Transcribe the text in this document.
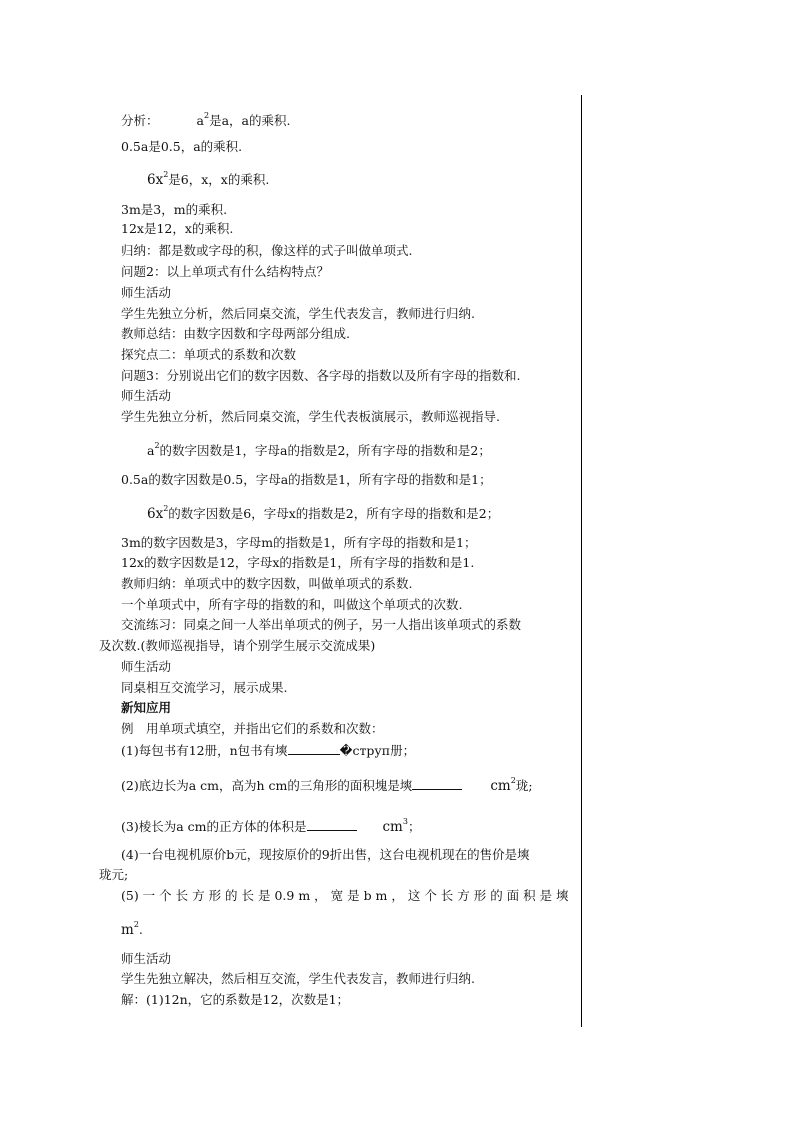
分析：	$a^2$是a，a的乘积.
0.5a是0.5，a的乘积.
$6x^2$是6，x，x的乘积.
3m是3，m的乘积.
12x是12，x的乘积.
归纳：都是数或字母的积，像这样的式子叫做单项式.
问题2：以上单项式有什么结构特点？
师生活动
学生先独立分析，然后同桌交流，学生代表发言，教师进行归纳.
教师总结：由数字因数和字母两部分组成.
探究点二：单项式的系数和次数
问题3：分别说出它们的数字因数、各字母的指数以及所有字母的指数和.
师生活动
学生先独立分析，然后同桌交流，学生代表板演展示，教师巡视指导.
$a^2$的数字因数是1，字母a的指数是2，所有字母的指数和是2；
0.5a的数字因数是0.5，字母a的指数是1，所有字母的指数和是1；
$6x^2$的数字因数是6，字母x的指数是2，所有字母的指数和是2；
3m的数字因数是3，字母m的指数是1，所有字母的指数和是1；
12x的数字因数是12，字母x的指数是1，所有字母的指数和是1.
教师归纳：单项式中的数字因数，叫做单项式的系数.
一个单项式中，所有字母的指数的和，叫做这个单项式的次数.
交流练习：同桌之间一人举出单项式的例子，另一人指出该单项式的系数
及次数.(教师巡视指导，请个别学生展示交流成果)
师生活动
同桌相互交流学习，展示成果.
新知应用
例　用单项式填空，并指出它们的系数和次数：
(1)每包书有12册，n包书有塽	�струп册；
(2)底边长为a cm，高为h cm的三角形的面积塊是塽	$cm^2$珑;
(3)棱长为a cm的正方体的体积是	$cm^3$；
(4)一台电视机原价b元，现按原价的9折出售，这台电视机现在的售价是塽
珑元;
(5) 一 个 长 方 形 的 长 是 0.9 m ， 宽 是 b m ， 这 个 长 方 形 的 面 积 是 塽
$m^2$.
师生活动
学生先独立解决，然后相互交流，学生代表发言，教师进行归纳.
解：(1)12n，它的系数是12，次数是1；
